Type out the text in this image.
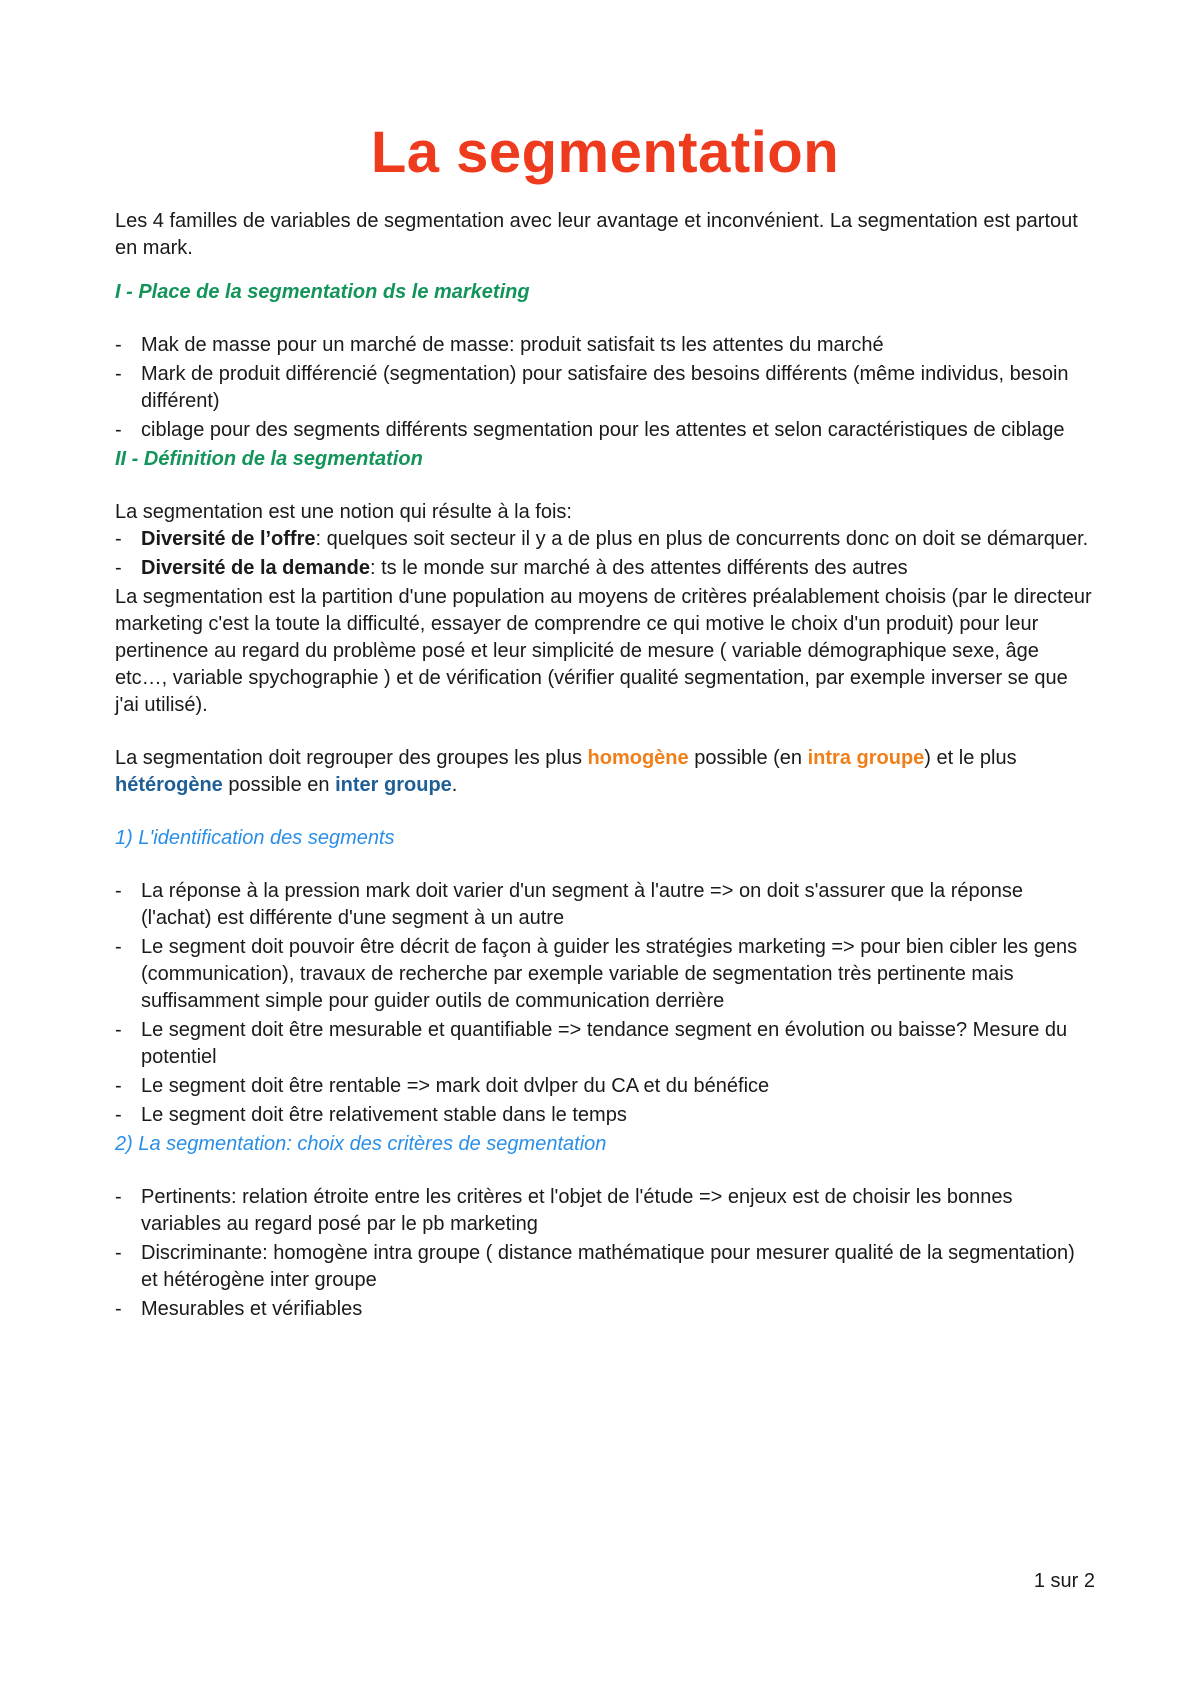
La segmentation

Les 4 familles de variables de segmentation avec leur avantage et inconvénient. La segmentation est partout en mark.

I - Place de la segmentation ds le marketing

- Mak de masse pour un marché de masse: produit satisfait ts les attentes du marché
- Mark de produit différencié (segmentation) pour satisfaire des besoins différents (même individus, besoin différent)
- ciblage pour des segments différents segmentation pour les attentes et selon caractéristiques de ciblage

II - Définition de la segmentation

La segmentation est une notion qui résulte à la fois:

- Diversité de l’offre: quelques soit secteur il y a de plus en plus de concurrents donc on doit se démarquer.
- Diversité de la demande: ts le monde sur marché à des attentes différents des autres

La segmentation est la partition d'une population au moyens de critères préalablement choisis (par le directeur marketing c'est la toute la difficulté, essayer de comprendre ce qui motive le choix d'un produit) pour leur pertinence au regard du problème posé et leur simplicité de mesure ( variable démographique sexe, âge etc…, variable spychographie ) et de vérification (vérifier qualité segmentation, par exemple inverser se que j'ai utilisé).

La segmentation doit regrouper des groupes les plus homogène possible (en intra groupe) et le plus hétérogène possible en inter groupe.

1) L'identification des segments

- La réponse à la pression mark doit varier d'un segment à l'autre => on doit s'assurer que la réponse (l'achat) est différente d'une segment à un autre
- Le segment doit pouvoir être décrit de façon à guider les stratégies marketing => pour bien cibler les gens (communication), travaux de recherche par exemple variable de segmentation très pertinente mais suffisamment simple pour guider outils de communication derrière
- Le segment doit être mesurable et quantifiable => tendance segment en évolution ou baisse? Mesure du potentiel
- Le segment doit être rentable => mark doit dvlper du CA et du bénéfice
- Le segment doit être relativement stable dans le temps

2) La segmentation: choix des critères de segmentation

- Pertinents: relation étroite entre les critères et l'objet de l'étude => enjeux est de choisir les bonnes variables au regard posé par le pb marketing
- Discriminante: homogène intra groupe ( distance mathématique pour mesurer qualité de la segmentation) et hétérogène inter groupe
- Mesurables et vérifiables
1 sur 2
